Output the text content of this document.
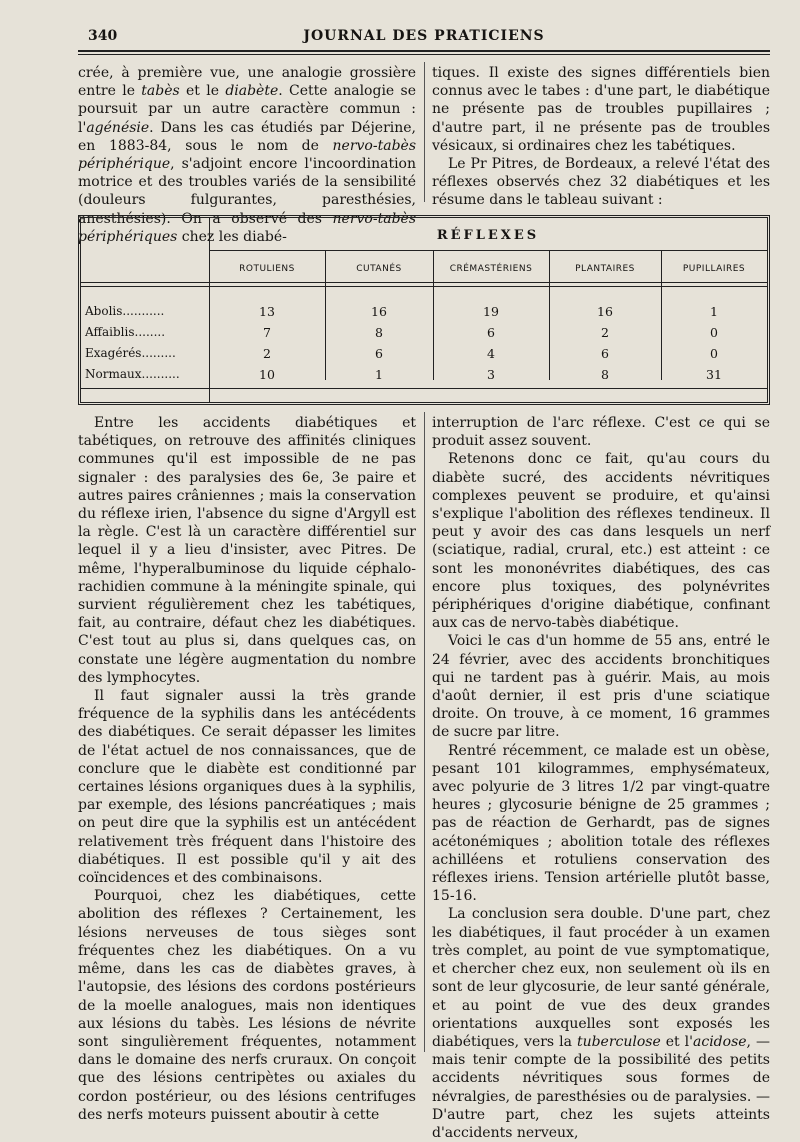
340	JOURNAL DES PRATICIENS

crée, à première vue, une analogie grossière entre le tabès et le diabète. Cette analogie se poursuit par un autre caractère commun : l'agénésie. Dans les cas étudiés par Déjerine, en 1883-84, sous le nom de nervo-tabès périphérique, s'adjoint encore l'incoordination motrice et des troubles variés de la sensibilité (douleurs fulgurantes, paresthésies, anesthésies). On a observé des nervo-tabès périphériques chez les diabé-

tiques. Il existe des signes différentiels bien connus avec le tabes : d'une part, le diabétique ne présente pas de troubles pupillaires ; d'autre part, il ne présente pas de troubles vésicaux, si ordinaires chez les tabétiques.

Le Pr Pitres, de Bordeaux, a relevé l'état des réflexes observés chez 32 diabétiques et les résume dans le tableau suivant :

RÉFLEXES
ROTULIENS	CUTANÉS	CRÉMASTÉRIENS	PLANTAIRES	PUPILLAIRES
Abolis...........	13	16	19	16	1
Affaiblis........	7	8	6	2	0
Exagérés.........	2	6	4	6	0
Normaux..........	10	1	3	8	31

Entre les accidents diabétiques et tabétiques, on retrouve des affinités cliniques communes qu'il est impossible de ne pas signaler : des paralysies des 6e, 3e paire et autres paires crâniennes ; mais la conservation du réflexe irien, l'absence du signe d'Argyll est la règle. C'est là un caractère différentiel sur lequel il y a lieu d'insister, avec Pitres. De même, l'hyperalbuminose du liquide céphalo-rachidien commune à la méningite spinale, qui survient régulièrement chez les tabétiques, fait, au contraire, défaut chez les diabétiques. C'est tout au plus si, dans quelques cas, on constate une légère augmentation du nombre des lymphocytes.

Il faut signaler aussi la très grande fréquence de la syphilis dans les antécédents des diabétiques. Ce serait dépasser les limites de l'état actuel de nos connaissances, que de conclure que le diabète est conditionné par certaines lésions organiques dues à la syphilis, par exemple, des lésions pancréatiques ; mais on peut dire que la syphilis est un antécédent relativement très fréquent dans l'histoire des diabétiques. Il est possible qu'il y ait des coïncidences et des combinaisons.

Pourquoi, chez les diabétiques, cette abolition des réflexes ? Certainement, les lésions nerveuses de tous sièges sont fréquentes chez les diabétiques. On a vu même, dans les cas de diabètes graves, à l'autopsie, des lésions des cordons postérieurs de la moelle analogues, mais non identiques aux lésions du tabès. Les lésions de névrite sont singulièrement fréquentes, notamment dans le domaine des nerfs cruraux. On conçoit que des lésions centripètes ou axiales du cordon postérieur, ou des lésions centrifuges des nerfs moteurs puissent aboutir à cette

interruption de l'arc réflexe. C'est ce qui se produit assez souvent.

Retenons donc ce fait, qu'au cours du diabète sucré, des accidents névritiques complexes peuvent se produire, et qu'ainsi s'explique l'abolition des réflexes tendineux. Il peut y avoir des cas dans lesquels un nerf (sciatique, radial, crural, etc.) est atteint : ce sont les mononévrites diabétiques, des cas encore plus toxiques, des polynévrites périphériques d'origine diabétique, confinant aux cas de nervo-tabès diabétique.

Voici le cas d'un homme de 55 ans, entré le 24 février, avec des accidents bronchitiques qui ne tardent pas à guérir. Mais, au mois d'août dernier, il est pris d'une sciatique droite. On trouve, à ce moment, 16 grammes de sucre par litre.

Rentré récemment, ce malade est un obèse, pesant 101 kilogrammes, emphysémateux, avec polyurie de 3 litres 1/2 par vingt-quatre heures ; glycosurie bénigne de 25 grammes ; pas de réaction de Gerhardt, pas de signes acétonémiques ; abolition totale des réflexes achilléens et rotuliens conservation des réflexes iriens. Tension artérielle plutôt basse, 15-16.

La conclusion sera double. D'une part, chez les diabétiques, il faut procéder à un examen très complet, au point de vue symptomatique, et chercher chez eux, non seulement où ils en sont de leur glycosurie, de leur santé générale, et au point de vue des deux grandes orientations auxquelles sont exposés les diabétiques, vers la tuberculose et l'acidose, — mais tenir compte de la possibilité des petits accidents névritiques sous formes de névralgies, de paresthésies ou de paralysies. — D'autre part, chez les sujets atteints d'accidents nerveux,
